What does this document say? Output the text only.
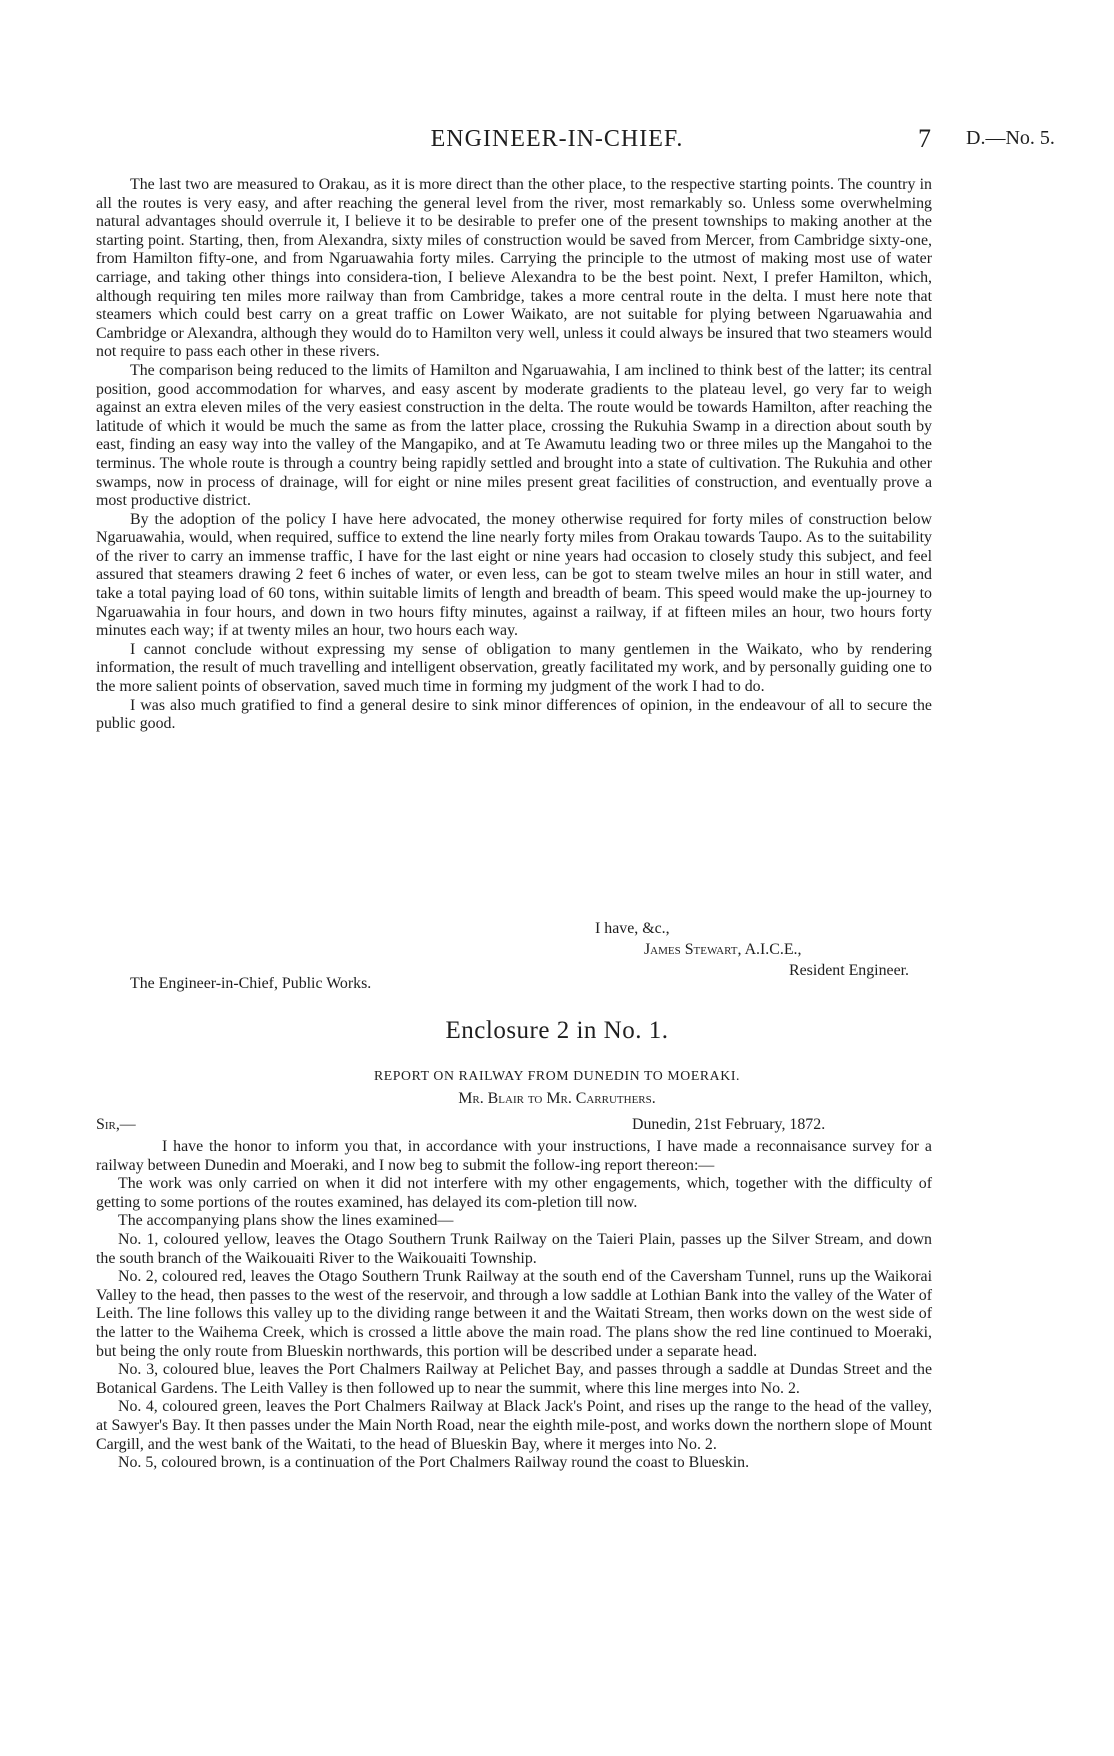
ENGINEER-IN-CHIEF.	7 D.—No. 5.

The last two are measured to Orakau, as it is more direct than the other place, to the respective starting points. The country in all the routes is very easy, and after reaching the general level from the river, most remarkably so. Unless some overwhelming natural advantages should overrule it, I believe it to be desirable to prefer one of the present townships to making another at the starting point. Starting, then, from Alexandra, sixty miles of construction would be saved from Mercer, from Cambridge sixty-one, from Hamilton fifty-one, and from Ngaruawahia forty miles. Carrying the principle to the utmost of making most use of water carriage, and taking other things into considera-tion, I believe Alexandra to be the best point. Next, I prefer Hamilton, which, although requiring ten miles more railway than from Cambridge, takes a more central route in the delta. I must here note that steamers which could best carry on a great traffic on Lower Waikato, are not suitable for plying between Ngaruawahia and Cambridge or Alexandra, although they would do to Hamilton very well, unless it could always be insured that two steamers would not require to pass each other in these rivers.

The comparison being reduced to the limits of Hamilton and Ngaruawahia, I am inclined to think best of the latter; its central position, good accommodation for wharves, and easy ascent by moderate gradients to the plateau level, go very far to weigh against an extra eleven miles of the very easiest construction in the delta. The route would be towards Hamilton, after reaching the latitude of which it would be much the same as from the latter place, crossing the Rukuhia Swamp in a direction about south by east, finding an easy way into the valley of the Mangapiko, and at Te Awamutu leading two or three miles up the Mangahoi to the terminus. The whole route is through a country being rapidly settled and brought into a state of cultivation. The Rukuhia and other swamps, now in process of drainage, will for eight or nine miles present great facilities of construction, and eventually prove a most productive district.

By the adoption of the policy I have here advocated, the money otherwise required for forty miles of construction below Ngaruawahia, would, when required, suffice to extend the line nearly forty miles from Orakau towards Taupo. As to the suitability of the river to carry an immense traffic, I have for the last eight or nine years had occasion to closely study this subject, and feel assured that steamers drawing 2 feet 6 inches of water, or even less, can be got to steam twelve miles an hour in still water, and take a total paying load of 60 tons, within suitable limits of length and breadth of beam. This speed would make the up-journey to Ngaruawahia in four hours, and down in two hours fifty minutes, against a railway, if at fifteen miles an hour, two hours forty minutes each way; if at twenty miles an hour, two hours each way.

I cannot conclude without expressing my sense of obligation to many gentlemen in the Waikato, who by rendering information, the result of much travelling and intelligent observation, greatly facilitated my work, and by personally guiding one to the more salient points of observation, saved much time in forming my judgment of the work I had to do.

I was also much gratified to find a general desire to sink minor differences of opinion, in the endeavour of all to secure the public good.

I have, &c.,
James Stewart, A.I.C.E.,
Resident Engineer.
The Engineer-in-Chief, Public Works.
Enclosure 2 in No. 1.
REPORT ON RAILWAY FROM DUNEDIN TO MOERAKI.
Mr. Blair to Mr. Carruthers.
Sir,—	Dunedin, 21st February, 1872.

I have the honor to inform you that, in accordance with your instructions, I have made a reconnaisance survey for a railway between Dunedin and Moeraki, and I now beg to submit the follow-ing report thereon:—

The work was only carried on when it did not interfere with my other engagements, which, together with the difficulty of getting to some portions of the routes examined, has delayed its com-pletion till now.

The accompanying plans show the lines examined—

No. 1, coloured yellow, leaves the Otago Southern Trunk Railway on the Taieri Plain, passes up the Silver Stream, and down the south branch of the Waikouaiti River to the Waikouaiti Township.

No. 2, coloured red, leaves the Otago Southern Trunk Railway at the south end of the Caversham Tunnel, runs up the Waikorai Valley to the head, then passes to the west of the reservoir, and through a low saddle at Lothian Bank into the valley of the Water of Leith. The line follows this valley up to the dividing range between it and the Waitati Stream, then works down on the west side of the latter to the Waihema Creek, which is crossed a little above the main road. The plans show the red line continued to Moeraki, but being the only route from Blueskin northwards, this portion will be described under a separate head.

No. 3, coloured blue, leaves the Port Chalmers Railway at Pelichet Bay, and passes through a saddle at Dundas Street and the Botanical Gardens. The Leith Valley is then followed up to near the summit, where this line merges into No. 2.

No. 4, coloured green, leaves the Port Chalmers Railway at Black Jack's Point, and rises up the range to the head of the valley, at Sawyer's Bay. It then passes under the Main North Road, near the eighth mile-post, and works down the northern slope of Mount Cargill, and the west bank of the Waitati, to the head of Blueskin Bay, where it merges into No. 2.

No. 5, coloured brown, is a continuation of the Port Chalmers Railway round the coast to Blueskin.
